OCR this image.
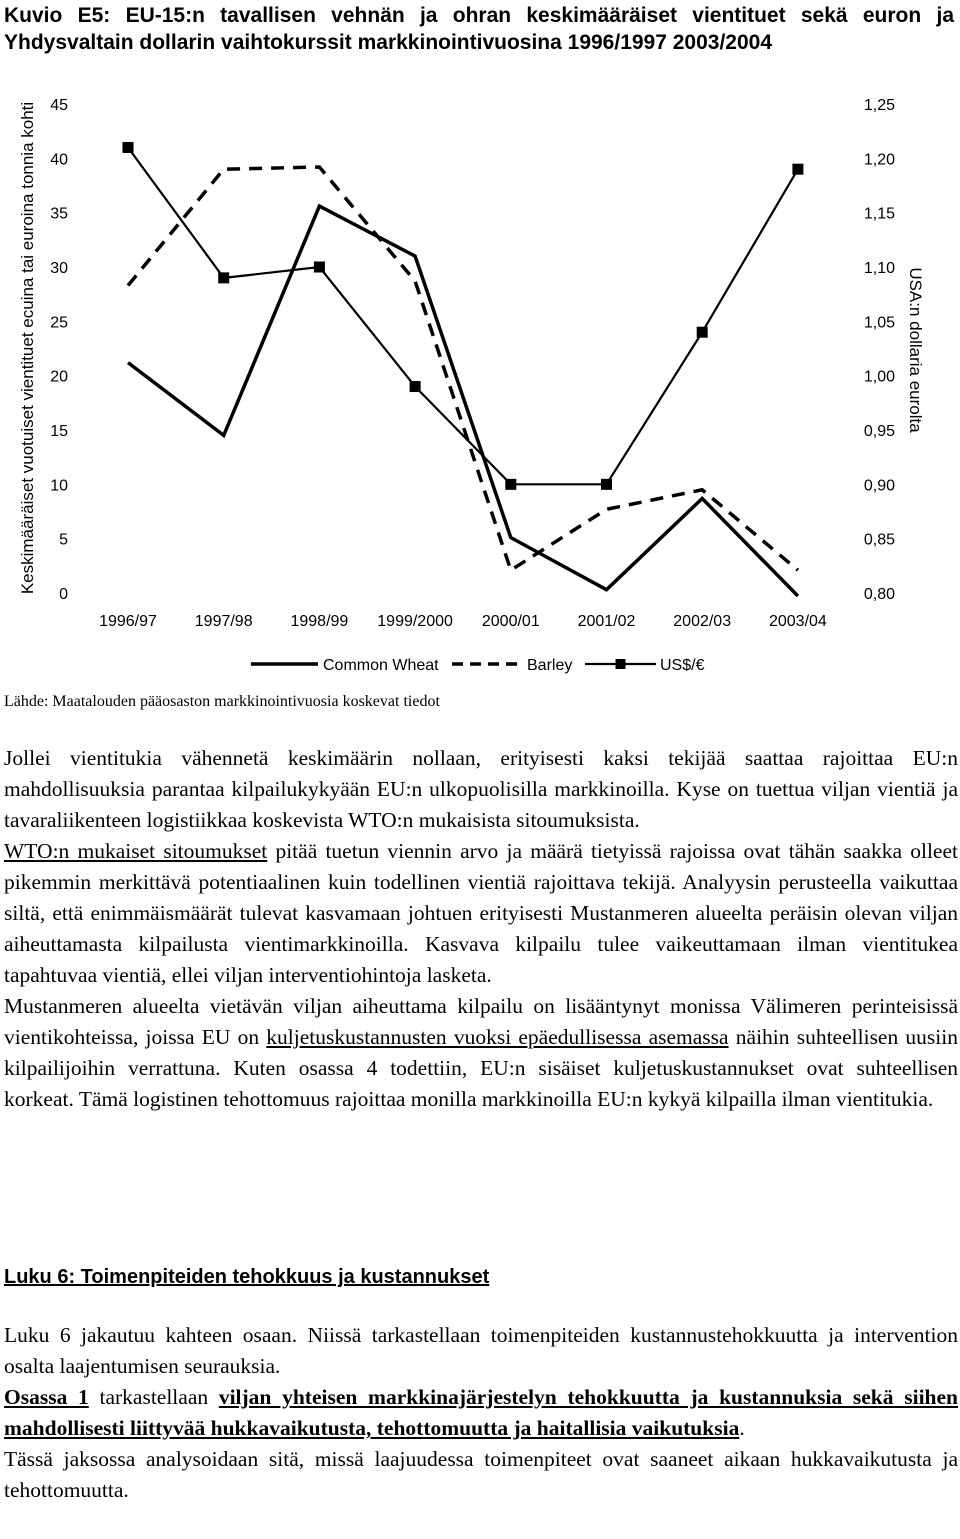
Kuvio E5: EU-15:n tavallisen vehnän ja ohran keskimääräiset vientituet sekä euron ja Yhdysvaltain dollarin vaihtokurssit markkinointivuosina 1996/1997 2003/2004
0
5
10
15
20
25
30
35
40
45
0,80
0,85
0,90
0,95
1,00
1,05
1,10
1,15
1,20
1,25
1996/97 1997/98 1998/99 1999/2000 2000/01 2001/02 2002/03 2003/04
Keskimääräiset vuotuiset vientituet ecuina tai euroina tonnia kohti	USA:n dollaria eurolta
Common Wheat	Barley	US$/€
Lähde: Maatalouden pääosaston markkinointivuosia koskevat tiedot

Jollei vientitukia vähennetä keskimäärin nollaan, erityisesti kaksi tekijää saattaa rajoittaa EU:n mahdollisuuksia parantaa kilpailukykyään EU:n ulkopuolisilla markkinoilla. Kyse on tuettua viljan vientiä ja tavaraliikenteen logistiikkaa koskevista WTO:n mukaisista sitoumuksista.

WTO:n mukaiset sitoumukset pitää tuetun viennin arvo ja määrä tietyissä rajoissa ovat tähän saakka olleet pikemmin merkittävä potentiaalinen kuin todellinen vientiä rajoittava tekijä. Analyysin perusteella vaikuttaa siltä, että enimmäismäärät tulevat kasvamaan johtuen erityisesti Mustanmeren alueelta peräisin olevan viljan aiheuttamasta kilpailusta vientimarkkinoilla. Kasvava kilpailu tulee vaikeuttamaan ilman vientitukea tapahtuvaa vientiä, ellei viljan interventiohintoja lasketa.

Mustanmeren alueelta vietävän viljan aiheuttama kilpailu on lisääntynyt monissa Välimeren perinteisissä vientikohteissa, joissa EU on kuljetuskustannusten vuoksi epäedullisessa asemassa näihin suhteellisen uusiin kilpailijoihin verrattuna. Kuten osassa 4 todettiin, EU:n sisäiset kuljetuskustannukset ovat suhteellisen korkeat. Tämä logistinen tehottomuus rajoittaa monilla markkinoilla EU:n kykyä kilpailla ilman vientitukia.

Luku 6: Toimenpiteiden tehokkuus ja kustannukset

Luku 6 jakautuu kahteen osaan. Niissä tarkastellaan toimenpiteiden kustannustehokkuutta ja intervention osalta laajentumisen seurauksia.

Osassa 1 tarkastellaan viljan yhteisen markkinajärjestelyn tehokkuutta ja kustannuksia sekä siihen mahdollisesti liittyvää hukkavaikutusta, tehottomuutta ja haitallisia vaikutuksia.

Tässä jaksossa analysoidaan sitä, missä laajuudessa toimenpiteet ovat saaneet aikaan hukkavaikutusta ja tehottomuutta.
